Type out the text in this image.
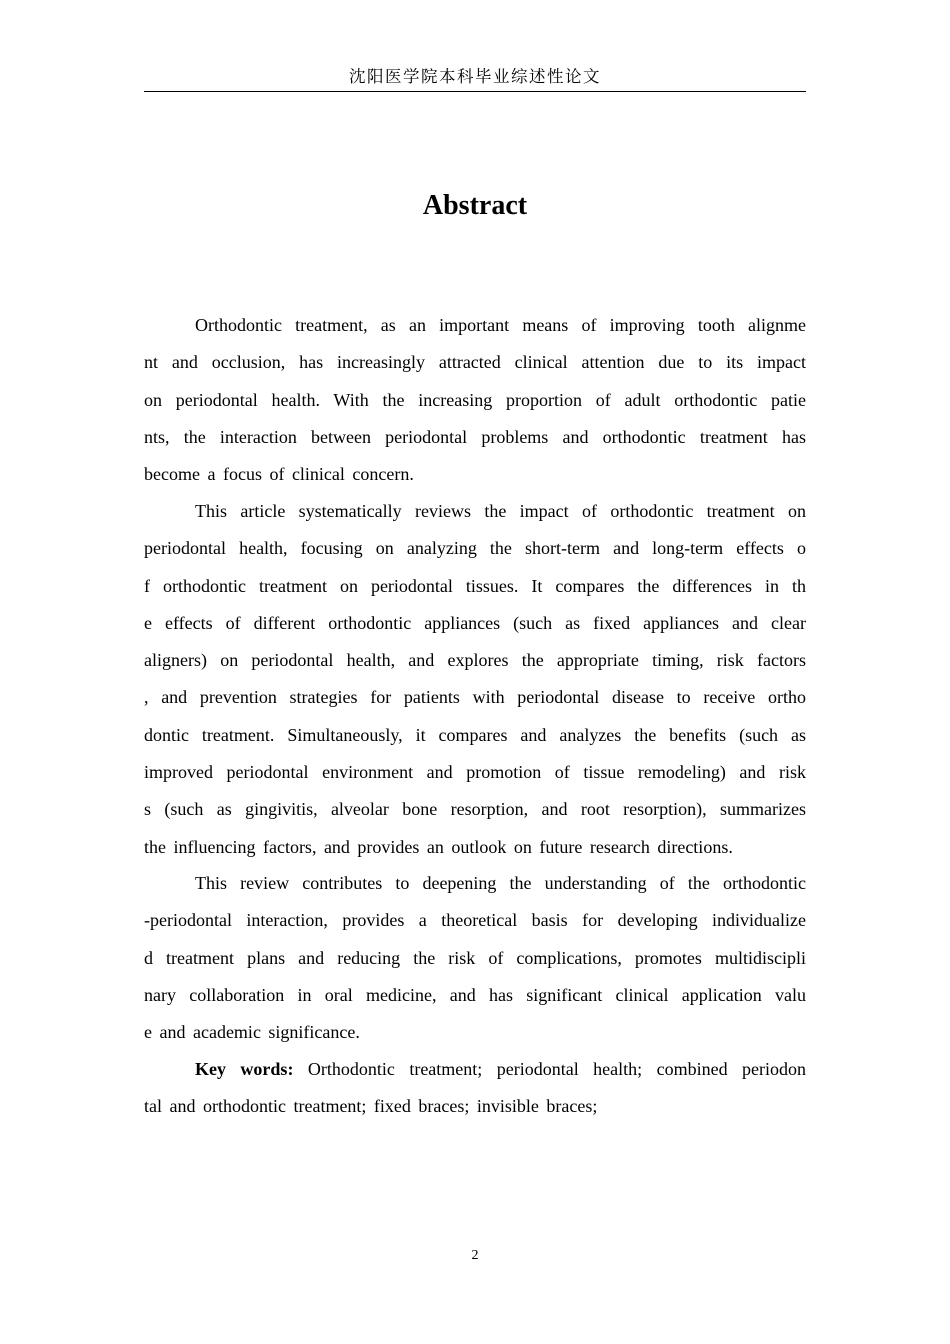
沈阳医学院本科毕业综述性论文
Abstract
Orthodontic treatment, as an important means of improving tooth alignme
nt and occlusion, has increasingly attracted clinical attention due to its impact
on periodontal health. With the increasing proportion of adult orthodontic patie
nts, the interaction between periodontal problems and orthodontic treatment has
become a focus of clinical concern.
This article systematically reviews the impact of orthodontic treatment on
periodontal health, focusing on analyzing the short-term and long-term effects o
f orthodontic treatment on periodontal tissues. It compares the differences in th
e effects of different orthodontic appliances (such as fixed appliances and clear
aligners) on periodontal health, and explores the appropriate timing, risk factors
, and prevention strategies for patients with periodontal disease to receive ortho
dontic treatment. Simultaneously, it compares and analyzes the benefits (such as
improved periodontal environment and promotion of tissue remodeling) and risk
s (such as gingivitis, alveolar bone resorption, and root resorption), summarizes
the influencing factors, and provides an outlook on future research directions.
This review contributes to deepening the understanding of the orthodontic
-periodontal interaction, provides a theoretical basis for developing individualize
d treatment plans and reducing the risk of complications, promotes multidiscipli
nary collaboration in oral medicine, and has significant clinical application valu
e and academic significance.
Key words: Orthodontic treatment; periodontal health; combined periodon
tal and orthodontic treatment; fixed braces; invisible braces;
2
